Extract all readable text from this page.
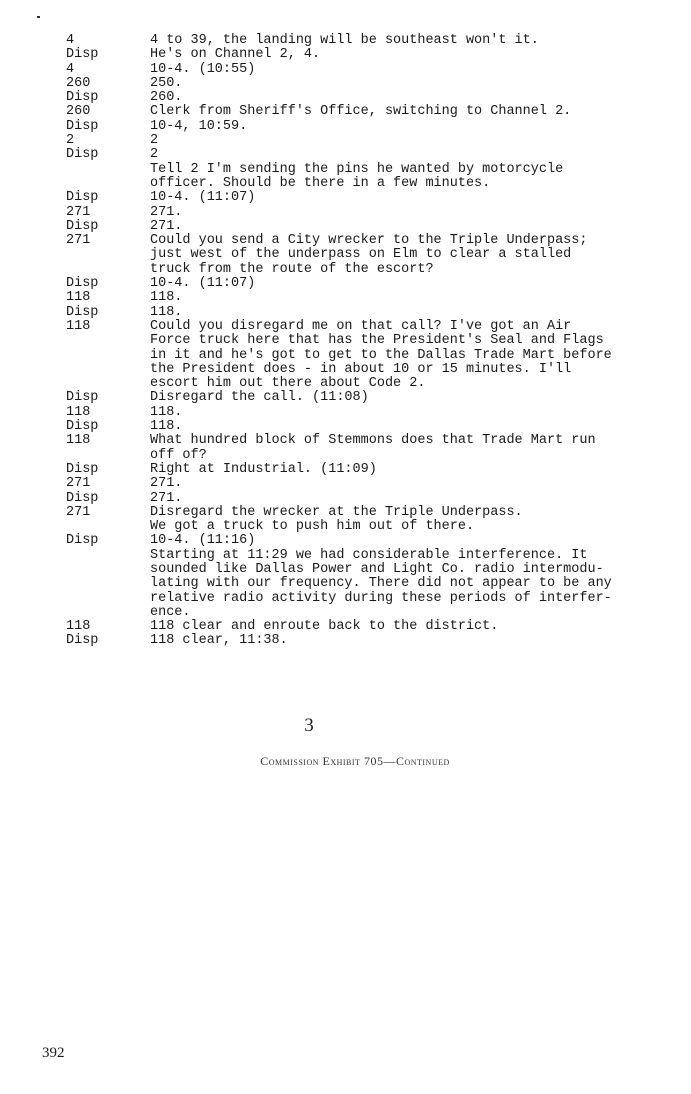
4	4 to 39, the landing will be southeast won't it.
Disp	He's on Channel 2, 4.
4	10-4. (10:55)
260	250.
Disp	260.
260	Clerk from Sheriff's Office, switching to Channel 2.
Disp	10-4, 10:59.
2	2
Disp	2
Tell 2 I'm sending the pins he wanted by motorcycle
officer. Should be there in a few minutes.
Disp	10-4. (11:07)
271	271.
Disp	271.
271	Could you send a City wrecker to the Triple Underpass;
just west of the underpass on Elm to clear a stalled
truck from the route of the escort?
Disp	10-4. (11:07)
118	118.
Disp	118.
118	Could you disregard me on that call? I've got an Air
Force truck here that has the President's Seal and Flags
in it and he's got to get to the Dallas Trade Mart before
the President does - in about 10 or 15 minutes. I'll
escort him out there about Code 2.
Disp	Disregard the call. (11:08)
118	118.
Disp	118.
118	What hundred block of Stemmons does that Trade Mart run
off of?
Disp	Right at Industrial. (11:09)
271	271.
Disp	271.
271	Disregard the wrecker at the Triple Underpass.
We got a truck to push him out of there.
Disp	10-4. (11:16)
Starting at 11:29 we had considerable interference. It
sounded like Dallas Power and Light Co. radio intermodu-
lating with our frequency. There did not appear to be any
relative radio activity during these periods of interfer-
ence.
118	118 clear and enroute back to the district.
Disp	118 clear, 11:38.
3
Commission Exhibit 705—Continued
392
